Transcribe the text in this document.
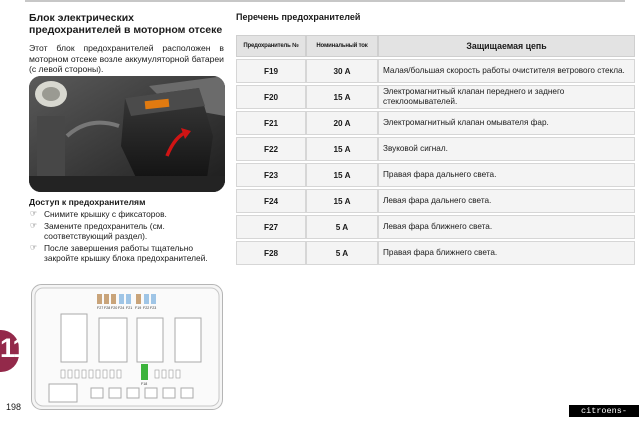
Блок электрических
предохранителей в моторном отсеке
Этот блок предохранителей расположен в моторном отсеке возле аккумуляторной батареи (с левой стороны).
Доступ к предохранителям
☞ Снимите крышку с фиксаторов.
☞ Замените предохранитель (см. соответствующий раздел).
☞ После завершения работы тщательно закройте крышку блока предохранителей.
Перечень предохранителей
Предохранитель №	Номинальный ток	Защищаемая цепь
F19	30 A	Малая/большая скорость работы очистителя ветрового стекла.
F20	15 A	Электромагнитный клапан переднего и заднего стеклоомывателей.
F21	20 A	Электромагнитный клапан омывателя фар.
F22	15 A	Звуковой сигнал.
F23	15 A	Правая фара дальнего света.
F24	15 A	Левая фара дальнего света.
F27	5 A	Левая фара ближнего света.
F28	5 A	Правая фара ближнего света.
F27 F28 F20 F24 F21 F19 F22 F23
F18
11
198	citroens-club.ru
